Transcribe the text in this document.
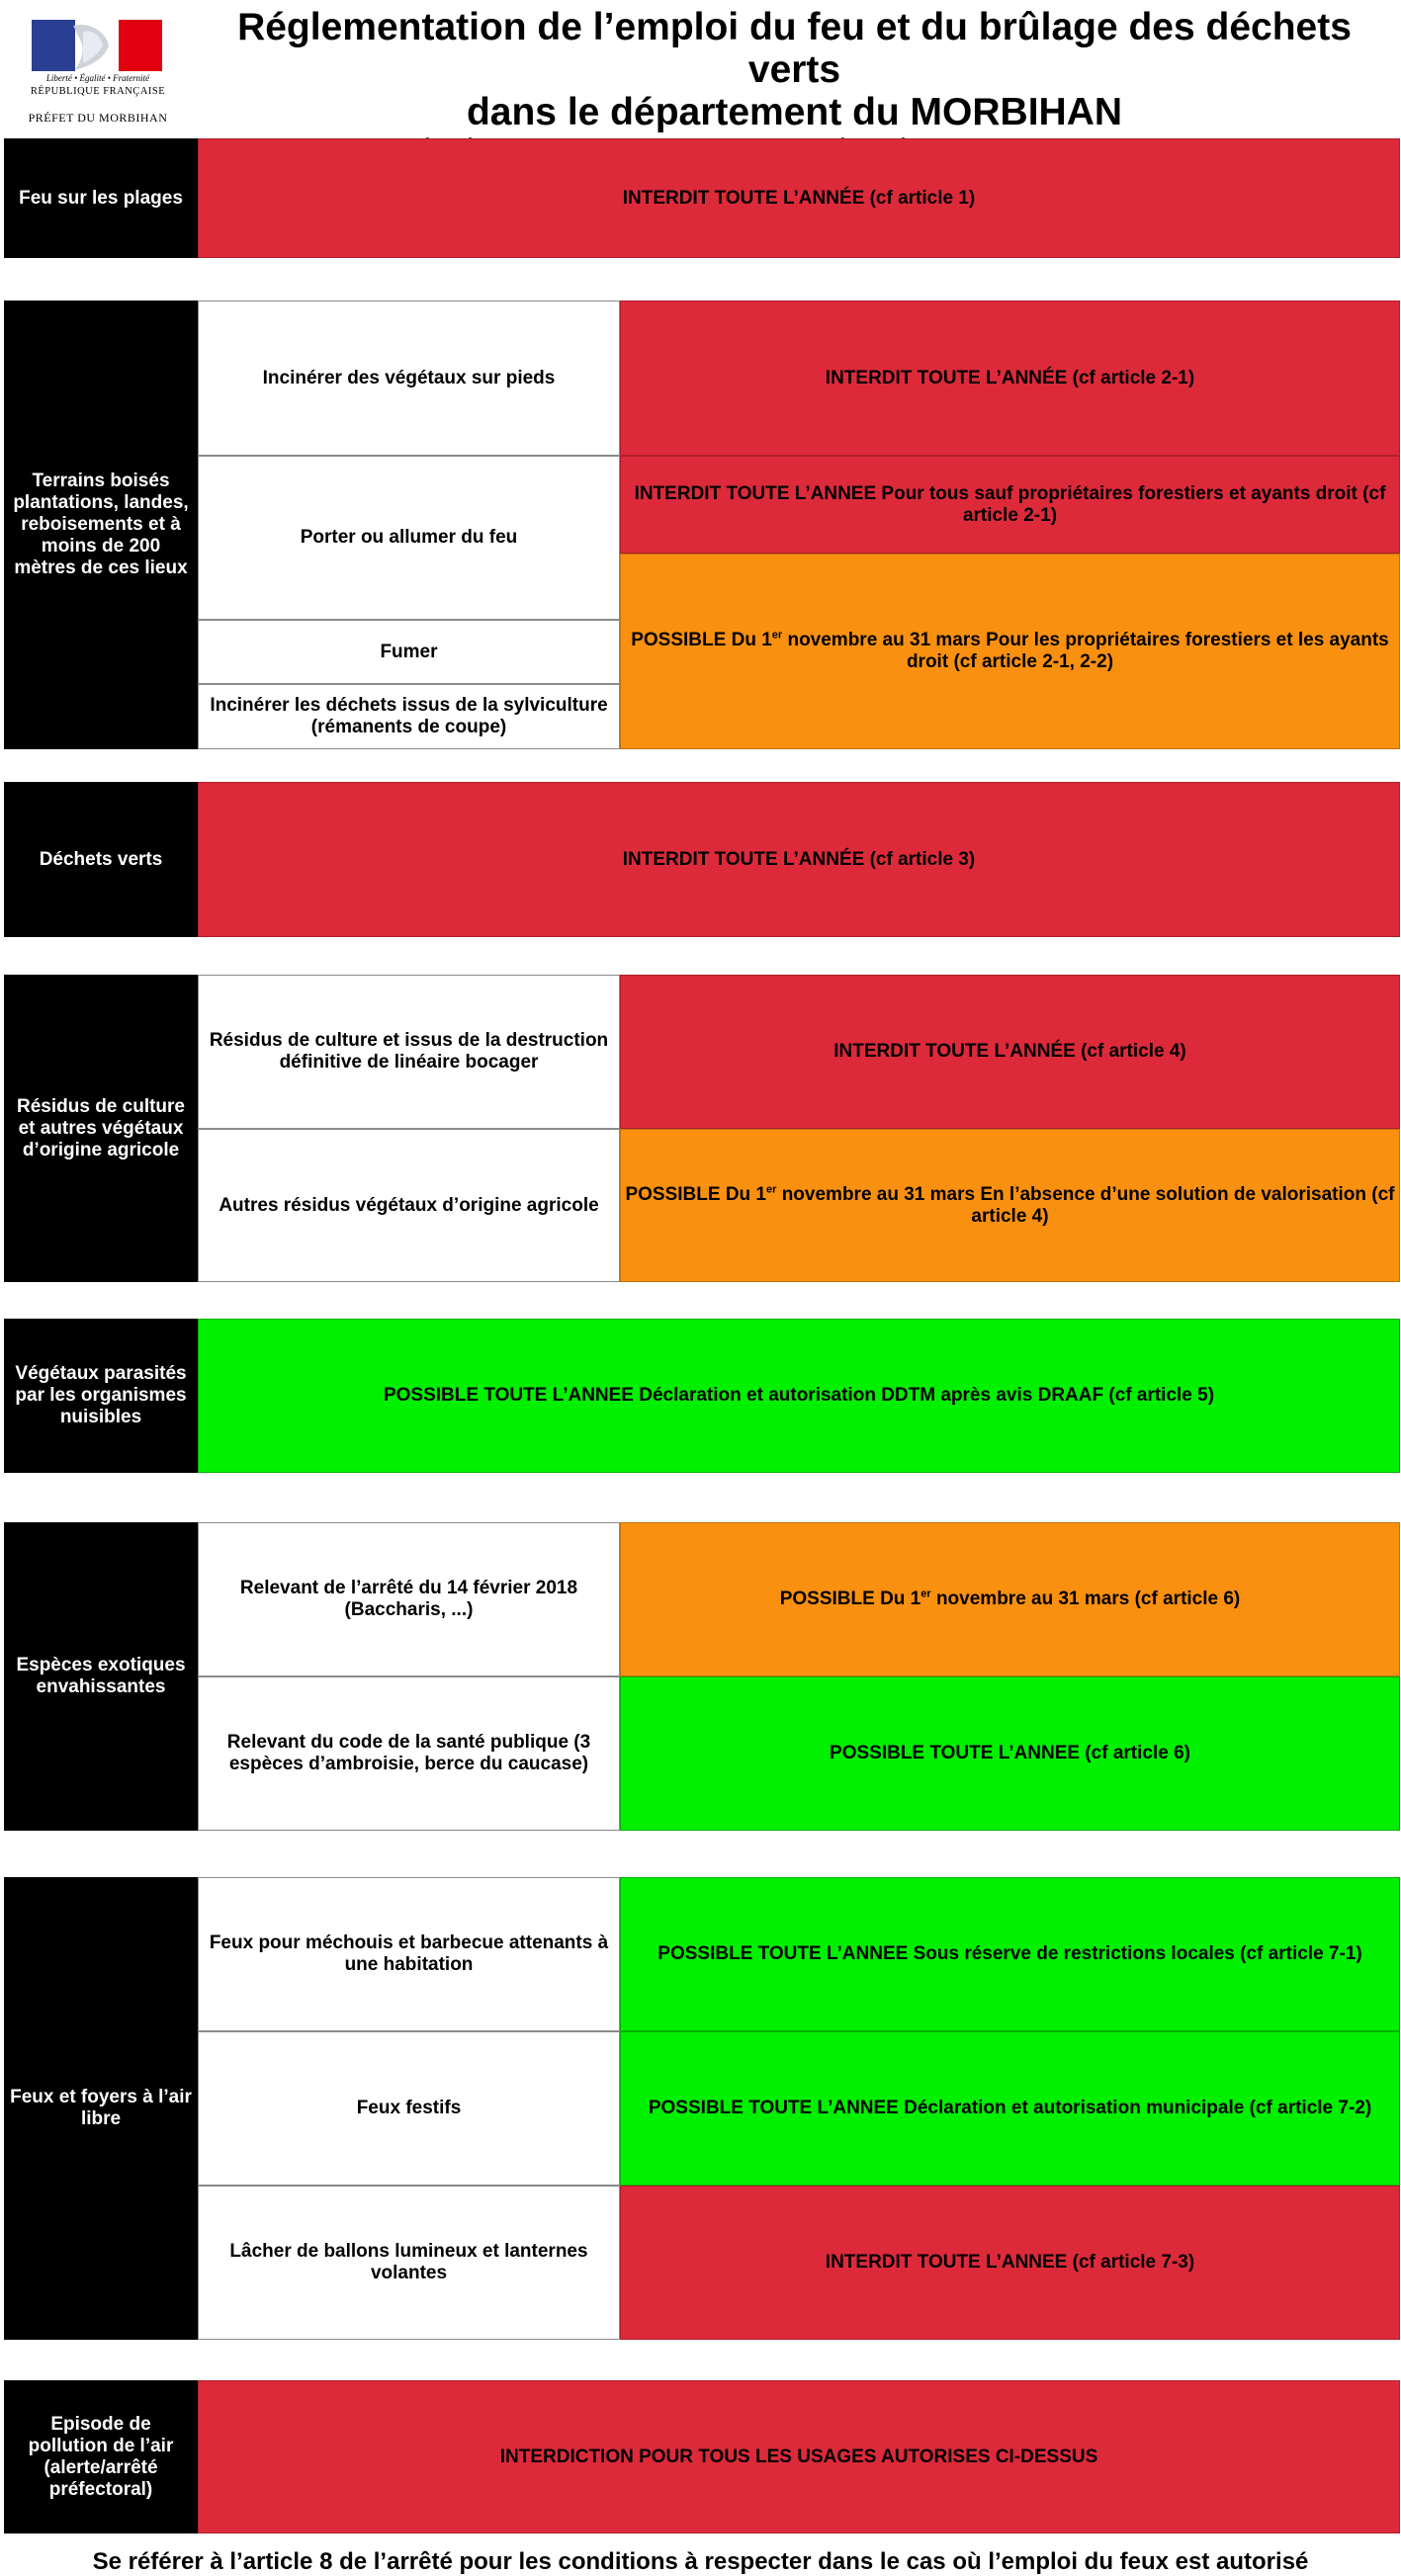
Liberté • Égalité • Fraternité
RÉPUBLIQUE FRANÇAISE
PRÉFET DU MORBIHAN
Réglementation de l’emploi du feu et du brûlage des déchets verts
dans le département du MORBIHAN
Feu sur les plages	INTERDIT TOUTE L’ANNÉE (cf article 1)
Terrains boisés plantations, landes, reboisements et à moins de 200 mètres de ces lieux
Incinérer des végétaux sur pieds
Porter ou allumer du feu
Fumer
Incinérer les déchets issus de la sylviculture (rémanents de coupe)
INTERDIT TOUTE L’ANNÉE (cf article 2-1)
INTERDIT TOUTE L’ANNEE Pour tous sauf propriétaires forestiers et ayants droit (cf article 2-1)
POSSIBLE Du 1er novembre au 31 mars Pour les propriétaires forestiers et les ayants droit (cf article 2-1, 2-2)
Déchets verts	INTERDIT TOUTE L’ANNÉE (cf article 3)
Résidus de culture et autres végétaux d’origine agricole
Résidus de culture et issus de la destruction définitive de linéaire bocager
Autres résidus végétaux d’origine agricole
INTERDIT TOUTE L’ANNÉE (cf article 4)
POSSIBLE Du 1er novembre au 31 mars En l’absence d’une solution de valorisation (cf article 4)
Végétaux parasités par les organismes nuisibles
POSSIBLE TOUTE L’ANNEE Déclaration et autorisation DDTM après avis DRAAF (cf article 5)
Espèces exotiques envahissantes
Relevant de l’arrêté du 14 février 2018 (Baccharis, ...)
Relevant du code de la santé publique (3 espèces d’ambroisie, berce du caucase)
POSSIBLE Du 1er novembre au 31 mars (cf article 6)
POSSIBLE TOUTE L’ANNEE (cf article 6)
Feux et foyers à l’air libre
Feux pour méchouis et barbecue attenants à une habitation
Feux festifs
Lâcher de ballons lumineux et lanternes volantes
POSSIBLE TOUTE L’ANNEE Sous réserve de restrictions locales (cf article 7-1)
POSSIBLE TOUTE L’ANNEE Déclaration et autorisation municipale (cf article 7-2)
INTERDIT TOUTE L’ANNEE (cf article 7-3)
Episode de pollution de l’air (alerte/arrêté préfectoral)
INTERDICTION POUR TOUS LES USAGES AUTORISES CI-DESSUS
Se référer à l’article 8 de l’arrêté pour les conditions à respecter dans le cas où l’emploi du feux est autorisé
